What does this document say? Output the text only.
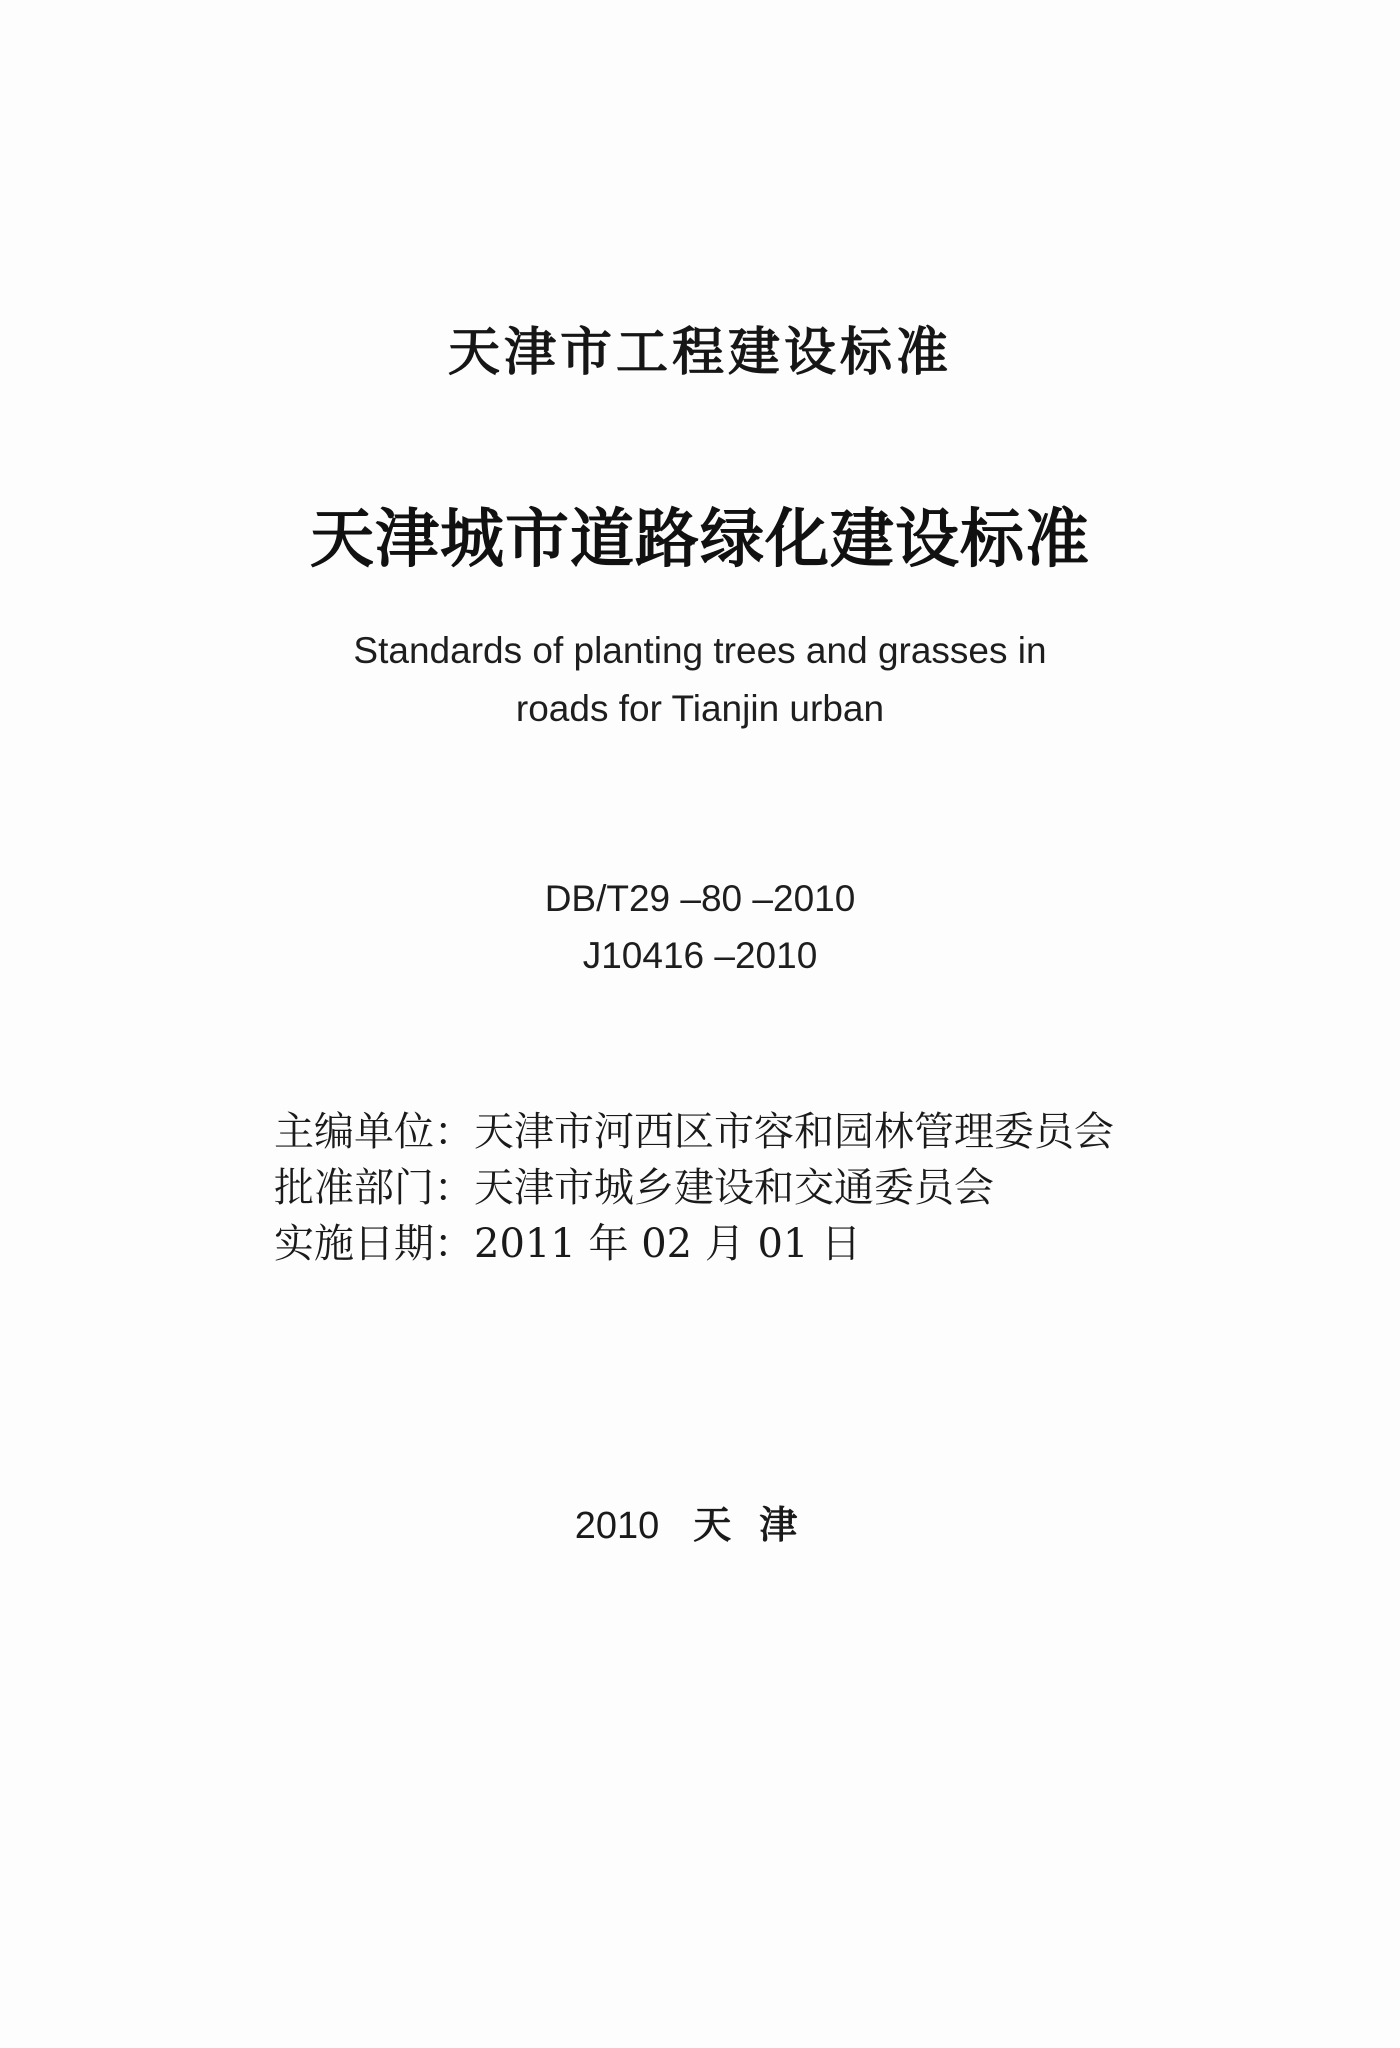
天津市工程建设标准
天津城市道路绿化建设标准
Standards of planting trees and grasses in
roads for Tianjin urban
DB/T29 –80 –2010
J10416 –2010
主编单位：天津市河西区市容和园林管理委员会
批准部门：天津市城乡建设和交通委员会
实施日期：2011 年 02 月 01 日
2010 天津
